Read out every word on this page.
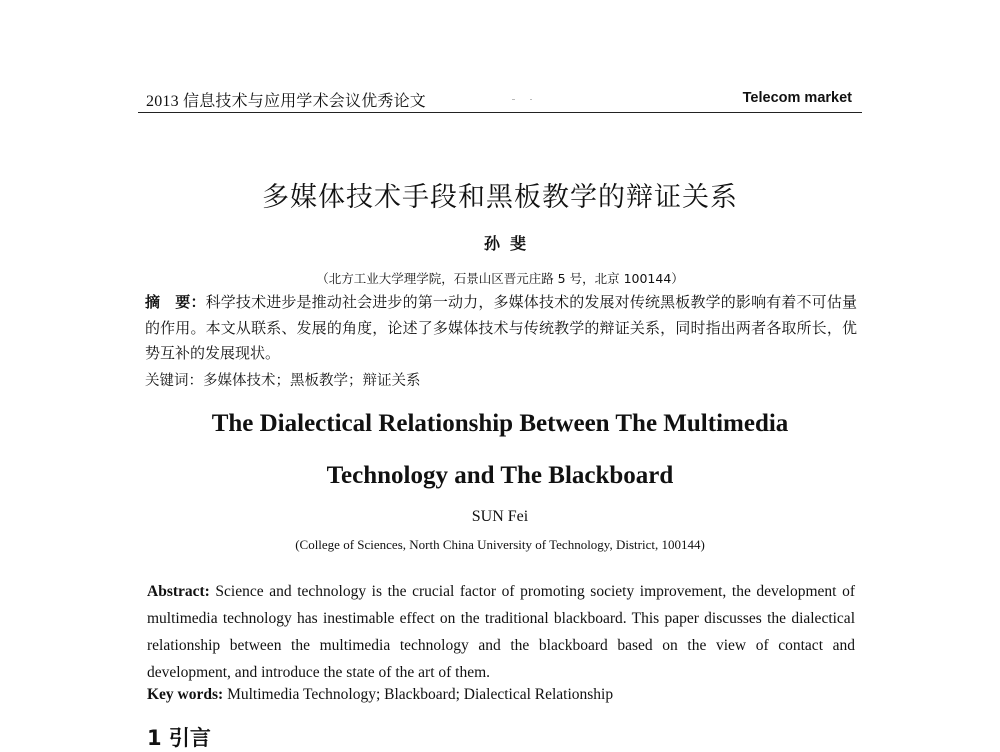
2013 信息技术与应用学术会议优秀论文	Telecom market
多媒体技术手段和黑板教学的辩证关系
孙斐
（北方工业大学理学院，石景山区晋元庄路 5 号，北京 100144）
摘　要：科学技术进步是推动社会进步的第一动力，多媒体技术的发展对传统黑板教学的影响有着不可估量的作用。本文从联系、发展的角度，论述了多媒体技术与传统教学的辩证关系，同时指出两者各取所长，优势互补的发展现状。
关键词：多媒体技术；黑板教学；辩证关系
The Dialectical Relationship Between The Multimedia
Technology and The Blackboard
SUN Fei
(College of Sciences, North China University of Technology, District, 100144)
Abstract: Science and technology is the crucial factor of promoting society improvement, the development of multimedia technology has inestimable effect on the traditional blackboard. This paper discusses the dialectical relationship between the multimedia technology and the blackboard based on the view of contact and development, and introduce the state of the art of them.
Key words: Multimedia Technology; Blackboard; Dialectical Relationship
1 引言
